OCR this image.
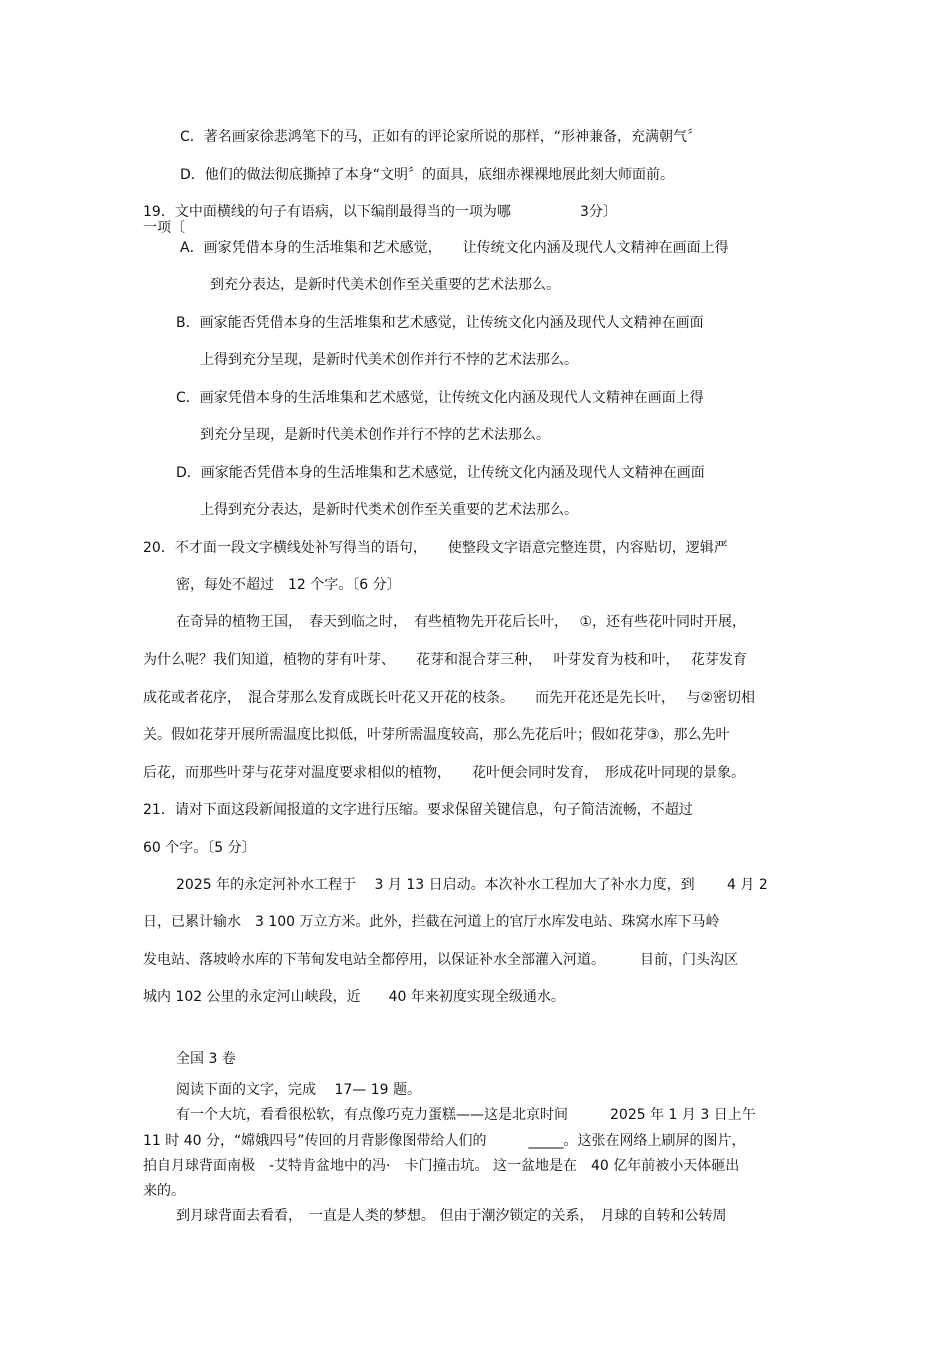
C．著名画家徐悲鸿笔下的马，正如有的评论家所说的那样，“形神兼备，充满朝气〞
D．他们的做法彻底撕掉了本身“文明〞的面具，底细赤裸裸地展此刻大师面前。
19．文中面横线的句子有语病，以下编削最得当的一项为哪	3分〕
一项〔
A．画家凭借本身的生活堆集和艺术感觉，　　让传统文化内涵及现代人文精神在画面上得
到充分表达，是新时代美术创作至关重要的艺术法那么。
B．画家能否凭借本身的生活堆集和艺术感觉，让传统文化内涵及现代人文精神在画面
上得到充分呈现，是新时代美术创作并行不悖的艺术法那么。
C．画家凭借本身的生活堆集和艺术感觉，让传统文化内涵及现代人文精神在画面上得
到充分呈现，是新时代美术创作并行不悖的艺术法那么。
D．画家能否凭借本身的生活堆集和艺术感觉，让传统文化内涵及现代人文精神在画面
上得到充分表达，是新时代类术创作至关重要的艺术法那么。
20．不才面一段文字横线处补写得当的语句，　　使整段文字语意完整连贯，内容贴切，逻辑严
密，每处不超过　12 个字。〔6 分〕
在奇异的植物王国，　春天到临之时，　有些植物先开花后长叶，　 ①，还有些花叶同时开展，
为什么呢？我们知道，植物的芽有叶芽、　　花芽和混合芽三种，　 叶芽发育为枝和叶，　 花芽发育
成花或者花序，　混合芽那么发育成既长叶花又开花的枝条。　　而先开花还是先长叶，　 与②密切相
关。假如花芽开展所需温度比拟低，叶芽所需温度较高，那么先花后叶；假如花芽③，那么先叶
后花，而那些叶芽与花芽对温度要求相似的植物，　　花叶便会同时发育，　形成花叶同现的景象。
21．请对下面这段新闻报道的文字进行压缩。要求保留关键信息，句子简洁流畅，不超过
60 个字。〔5 分〕
2025 年的永定河补水工程于　 3 月 13 日启动。本次补水工程加大了补水力度，到　　 4 月 2
日，已累计输水　3 100 万立方米。此外，拦截在河道上的官厅水库发电站、珠窝水库下马岭
发电站、落坡岭水库的下苇甸发电站全都停用，以保证补水全部灌入河道。　　　目前，门头沟区
城内 102 公里的永定河山峡段，近　　40 年来初度实现全级通水。
全国 3 卷
阅读下面的文字，完成　 17— 19 题。
有一个大坑，看看很松软，有点像巧克力蛋糕——这是北京时间　　　2025 年 1 月 3 日上午
11 时 40 分，“嫦娥四号”传回的月背影像图带给人们的　　　_____。这张在网络上刷屏的图片，
拍自月球背面南极　-艾特肯盆地中的冯·　卡门撞击坑。 这一盆地是在　40 亿年前被小天体砸出
来的。
到月球背面去看看，　一直是人类的梦想。 但由于潮汐锁定的关系，　月球的自转和公转周
